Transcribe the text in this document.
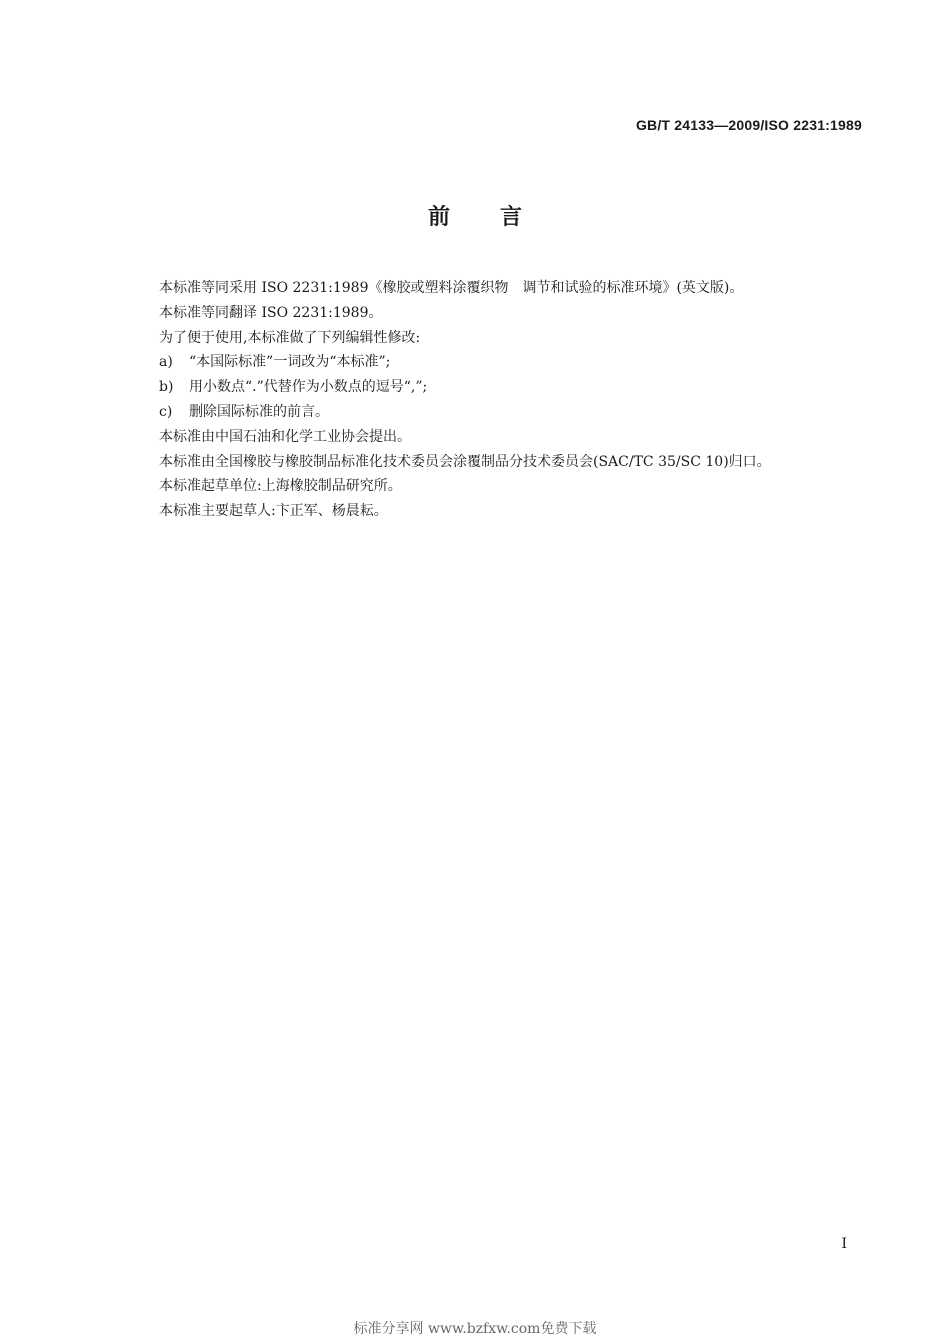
GB/T 24133—2009/ISO 2231:1989
前言

本标准等同采用 ISO 2231:1989《橡胶或塑料涂覆织物　调节和试验的标准环境》(英文版)。

本标准等同翻译 ISO 2231:1989。

为了便于使用,本标准做了下列编辑性修改:

a) “本国际标准”一词改为“本标准”;

b) 用小数点“.”代替作为小数点的逗号“,”;

c) 删除国际标准的前言。

本标准由中国石油和化学工业协会提出。

本标准由全国橡胶与橡胶制品标准化技术委员会涂覆制品分技术委员会(SAC/TC 35/SC 10)归口。

本标准起草单位:上海橡胶制品研究所。

本标准主要起草人:卞正军、杨晨耘。

I
标准分享网 www.bzfxw.com免费下载
